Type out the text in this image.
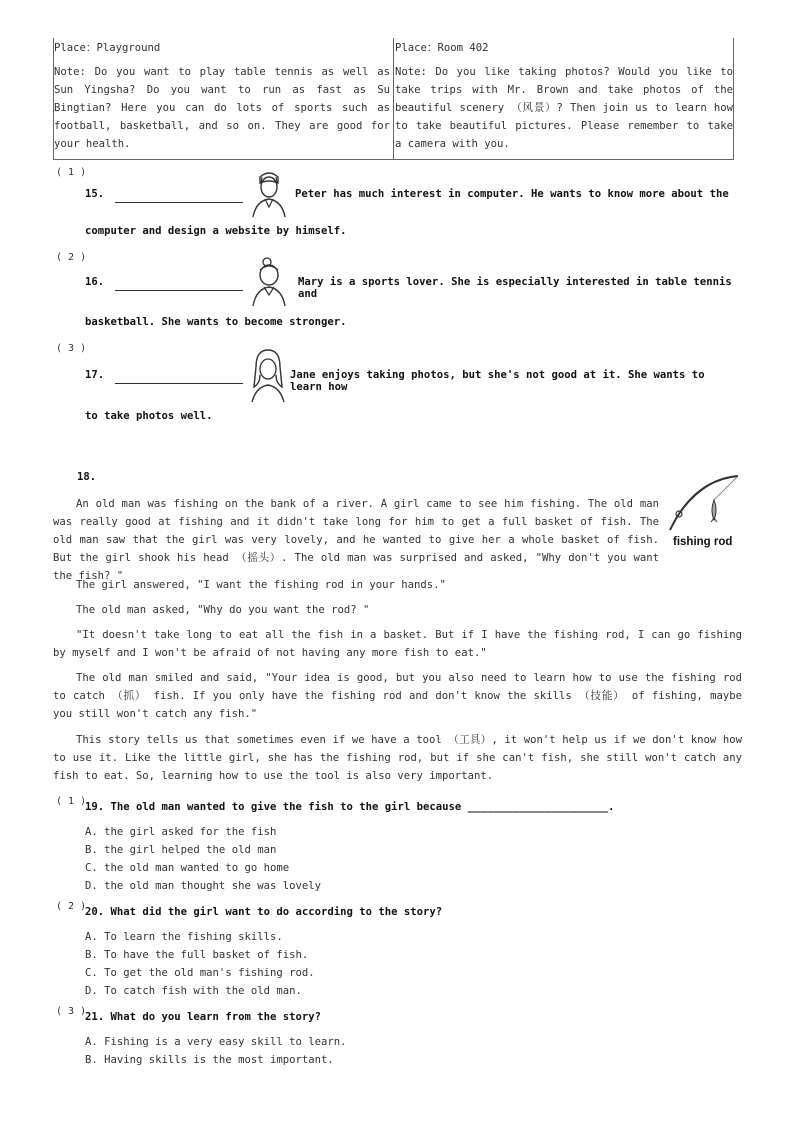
Place：Playground
Note: Do you want to play table tennis as well as Sun Yingsha? Do you want to run as fast as Su Bingtian? Here you can do lots of sports such as football, basketball, and so on. They are good for your health.
Place：Room 402
Note: Do you like taking photos? Would you like to take trips with Mr. Brown and take photos of the beautiful scenery （风景）? Then join us to learn how to take beautiful pictures. Please remember to take a camera with you.
( 1 )
15.	Peter has much interest in computer. He wants to know more about the
computer and design a website by himself.
( 2 )
16.	Mary is a sports lover. She is especially interested in table tennis and
basketball. She wants to become stronger.
( 3 )
17.	Jane enjoys taking photos, but she's not good at it. She wants to learn how
to take photos well.
18.
fishing rod
An old man was fishing on the bank of a river. A girl came to see him fishing. The old man was really good at fishing and it didn't take long for him to get a full basket of fish. The old man saw that the girl was very lovely, and he wanted to give her a whole basket of fish. But the girl shook his head （摇头）. The old man was surprised and asked, "Why don't you want the fish? "
The girl answered, "I want the fishing rod in your hands."
The old man asked, "Why do you want the rod? "
"It doesn't take long to eat all the fish in a basket. But if I have the fishing rod, I can go fishing by myself and I won't be afraid of not having any more fish to eat."
The old man smiled and said, "Your idea is good, but you also need to learn how to use the fishing rod to catch （抓） fish. If you only have the fishing rod and don't know the skills （技能） of fishing, maybe you still won't catch any fish."
This story tells us that sometimes even if we have a tool （工具）, it won't help us if we don't know how to use it. Like the little girl, she has the fishing rod, but if she can't fish, she still won't catch any fish to eat. So, learning how to use the tool is also very important.
( 1 )
19. The old man wanted to give the fish to the girl because ______________________.
A. the girl asked for the fish
B. the girl helped the old man
C. the old man wanted to go home
D. the old man thought she was lovely
( 2 )
20. What did the girl want to do according to the story?
A. To learn the fishing skills.
B. To have the full basket of fish.
C. To get the old man's fishing rod.
D. To catch fish with the old man.
( 3 )
21. What do you learn from the story?
A. Fishing is a very easy skill to learn.
B. Having skills is the most important.
